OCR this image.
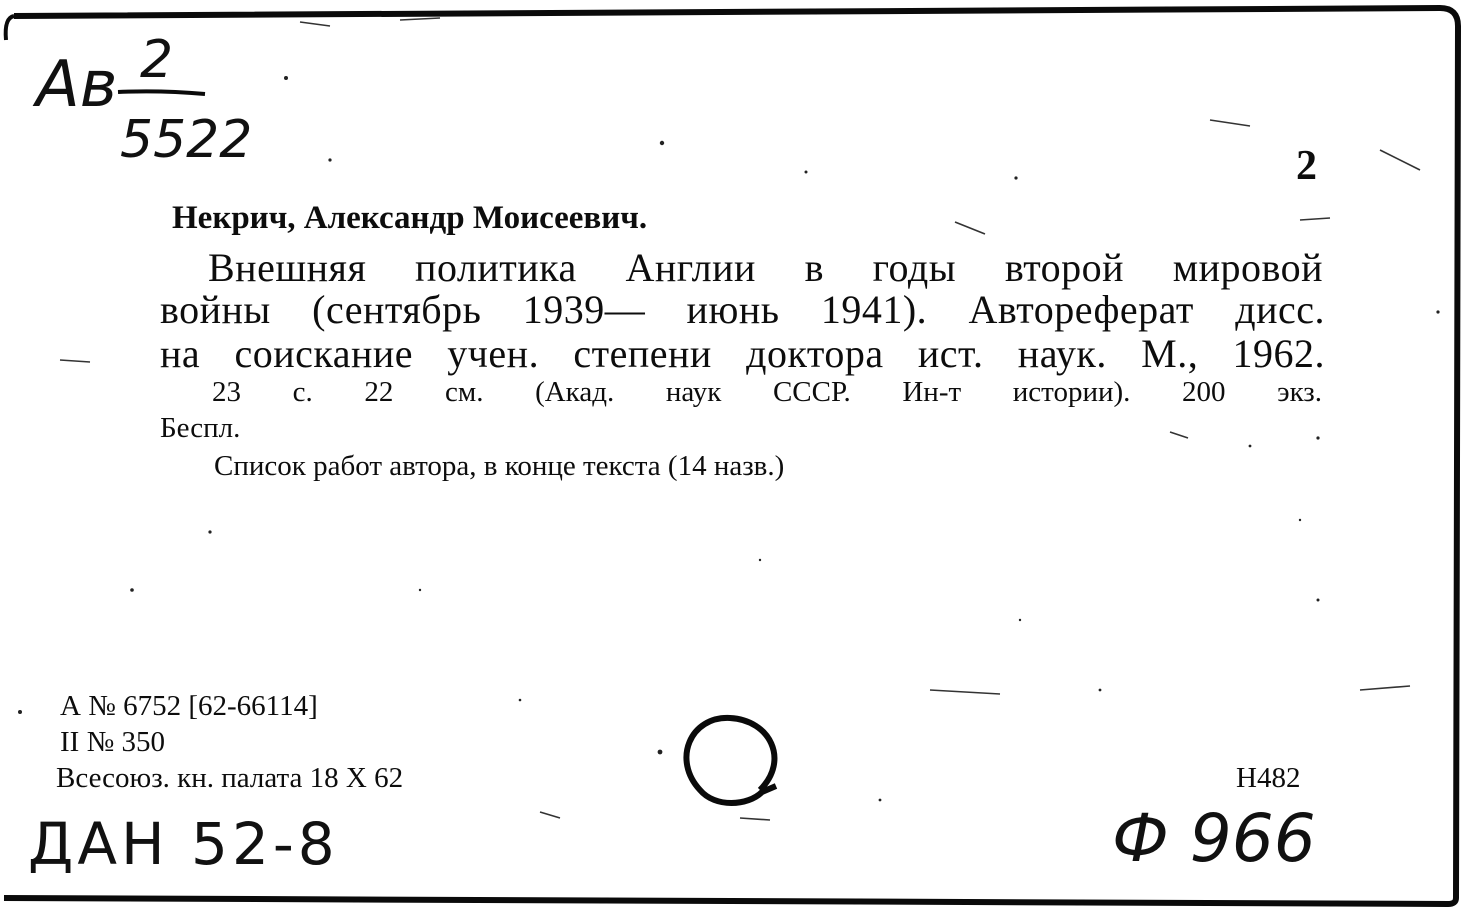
Ав 2
5522	2
Некрич, Александр Моисеевич.
Внешняя политика Англии в годы второй мировой
войны (сентябрь 1939— июнь 1941). Автореферат дисс.
на соискание учен. степени доктора ист. наук. М., 1962.
23 с. 22 см. (Акад. наук СССР. Ин-т истории). 200 экз.
Беспл.
Список работ автора, в конце текста (14 назв.)
А № 6752 [62-66114]
II № 350
Всесоюз. кн. палата 18 X 62	Н482
ДАН 52-8	Ф 966
